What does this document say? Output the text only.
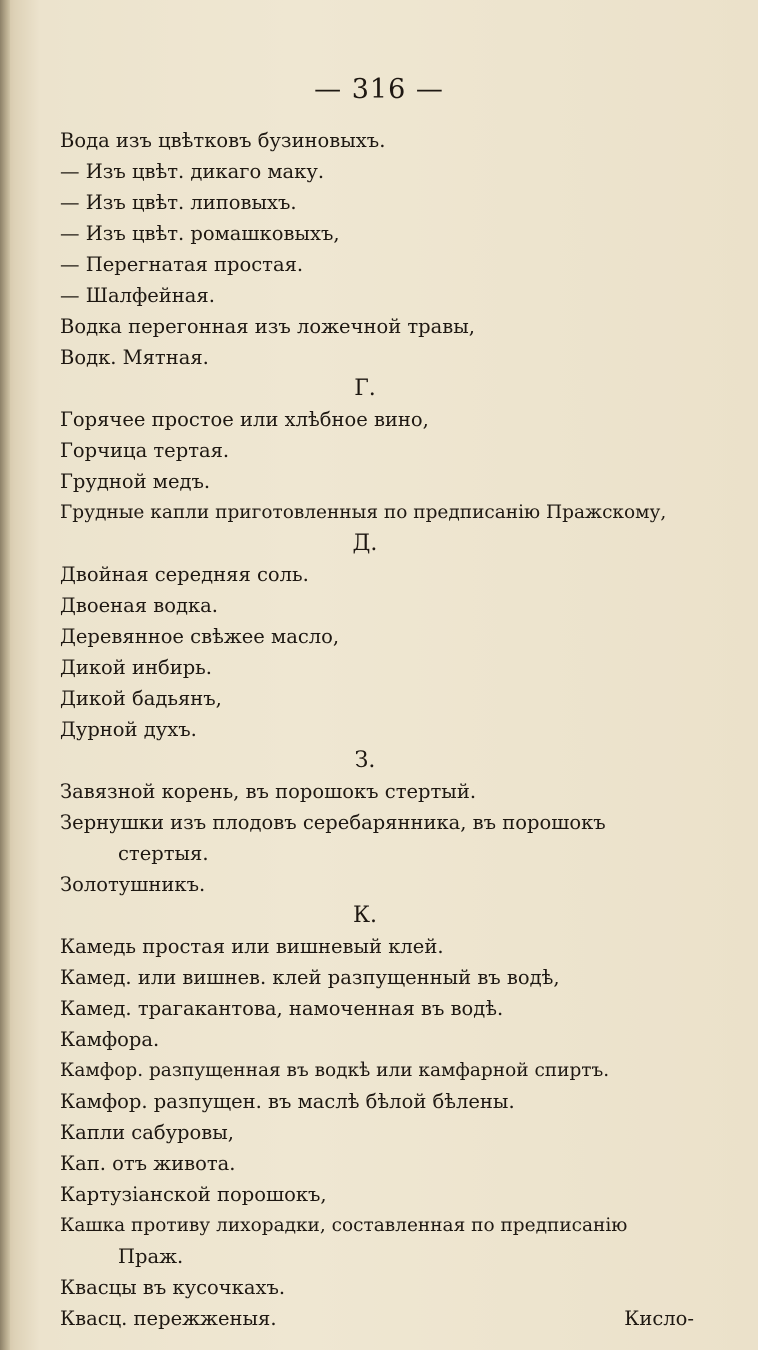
— 316 —
Вода изъ цвѣтковъ бузиновыхъ.
— Изъ цвѣт. дикаго маку.
— Изъ цвѣт. липовыхъ.
— Изъ цвѣт. ромашковыхъ,
— Перегнатая простая.
— Шалфейная.
Водка перегонная изъ ложечной травы,
Водк. Мятная.
Г.
Горячее простое или хлѣбное вино,
Горчица тертая.
Грудной медъ.
Грудные капли приготовленныя по предписанію Пражскому,
Д.
Двойная середняя соль.
Двоеная водка.
Деревянное свѣжее масло,
Дикой инбирь.
Дикой бадьянъ,
Дурной духъ.
З.
Завязной корень, въ порошокъ стертый.
Зернушки изъ плодовъ серебарянника, въ порошокъ
стертыя.
Золотушникъ.
К.
Камедь простая или вишневый клей.
Камед. или вишнев. клей разпущенный въ водѣ,
Камед. трагакантова, намоченная въ водѣ.
Камфора.
Камфор. разпущенная въ водкѣ или камфарной спиртъ.
Камфор. разпущен. въ маслѣ бѣлой бѣлены.
Капли сабуровы,
Кап. отъ живота.
Картузіанской порошокъ,
Кашка противу лихорадки, составленная по предписанію
Праж.
Квасцы въ кусочкахъ.
Квасц. пережженыя.	Кисло-
